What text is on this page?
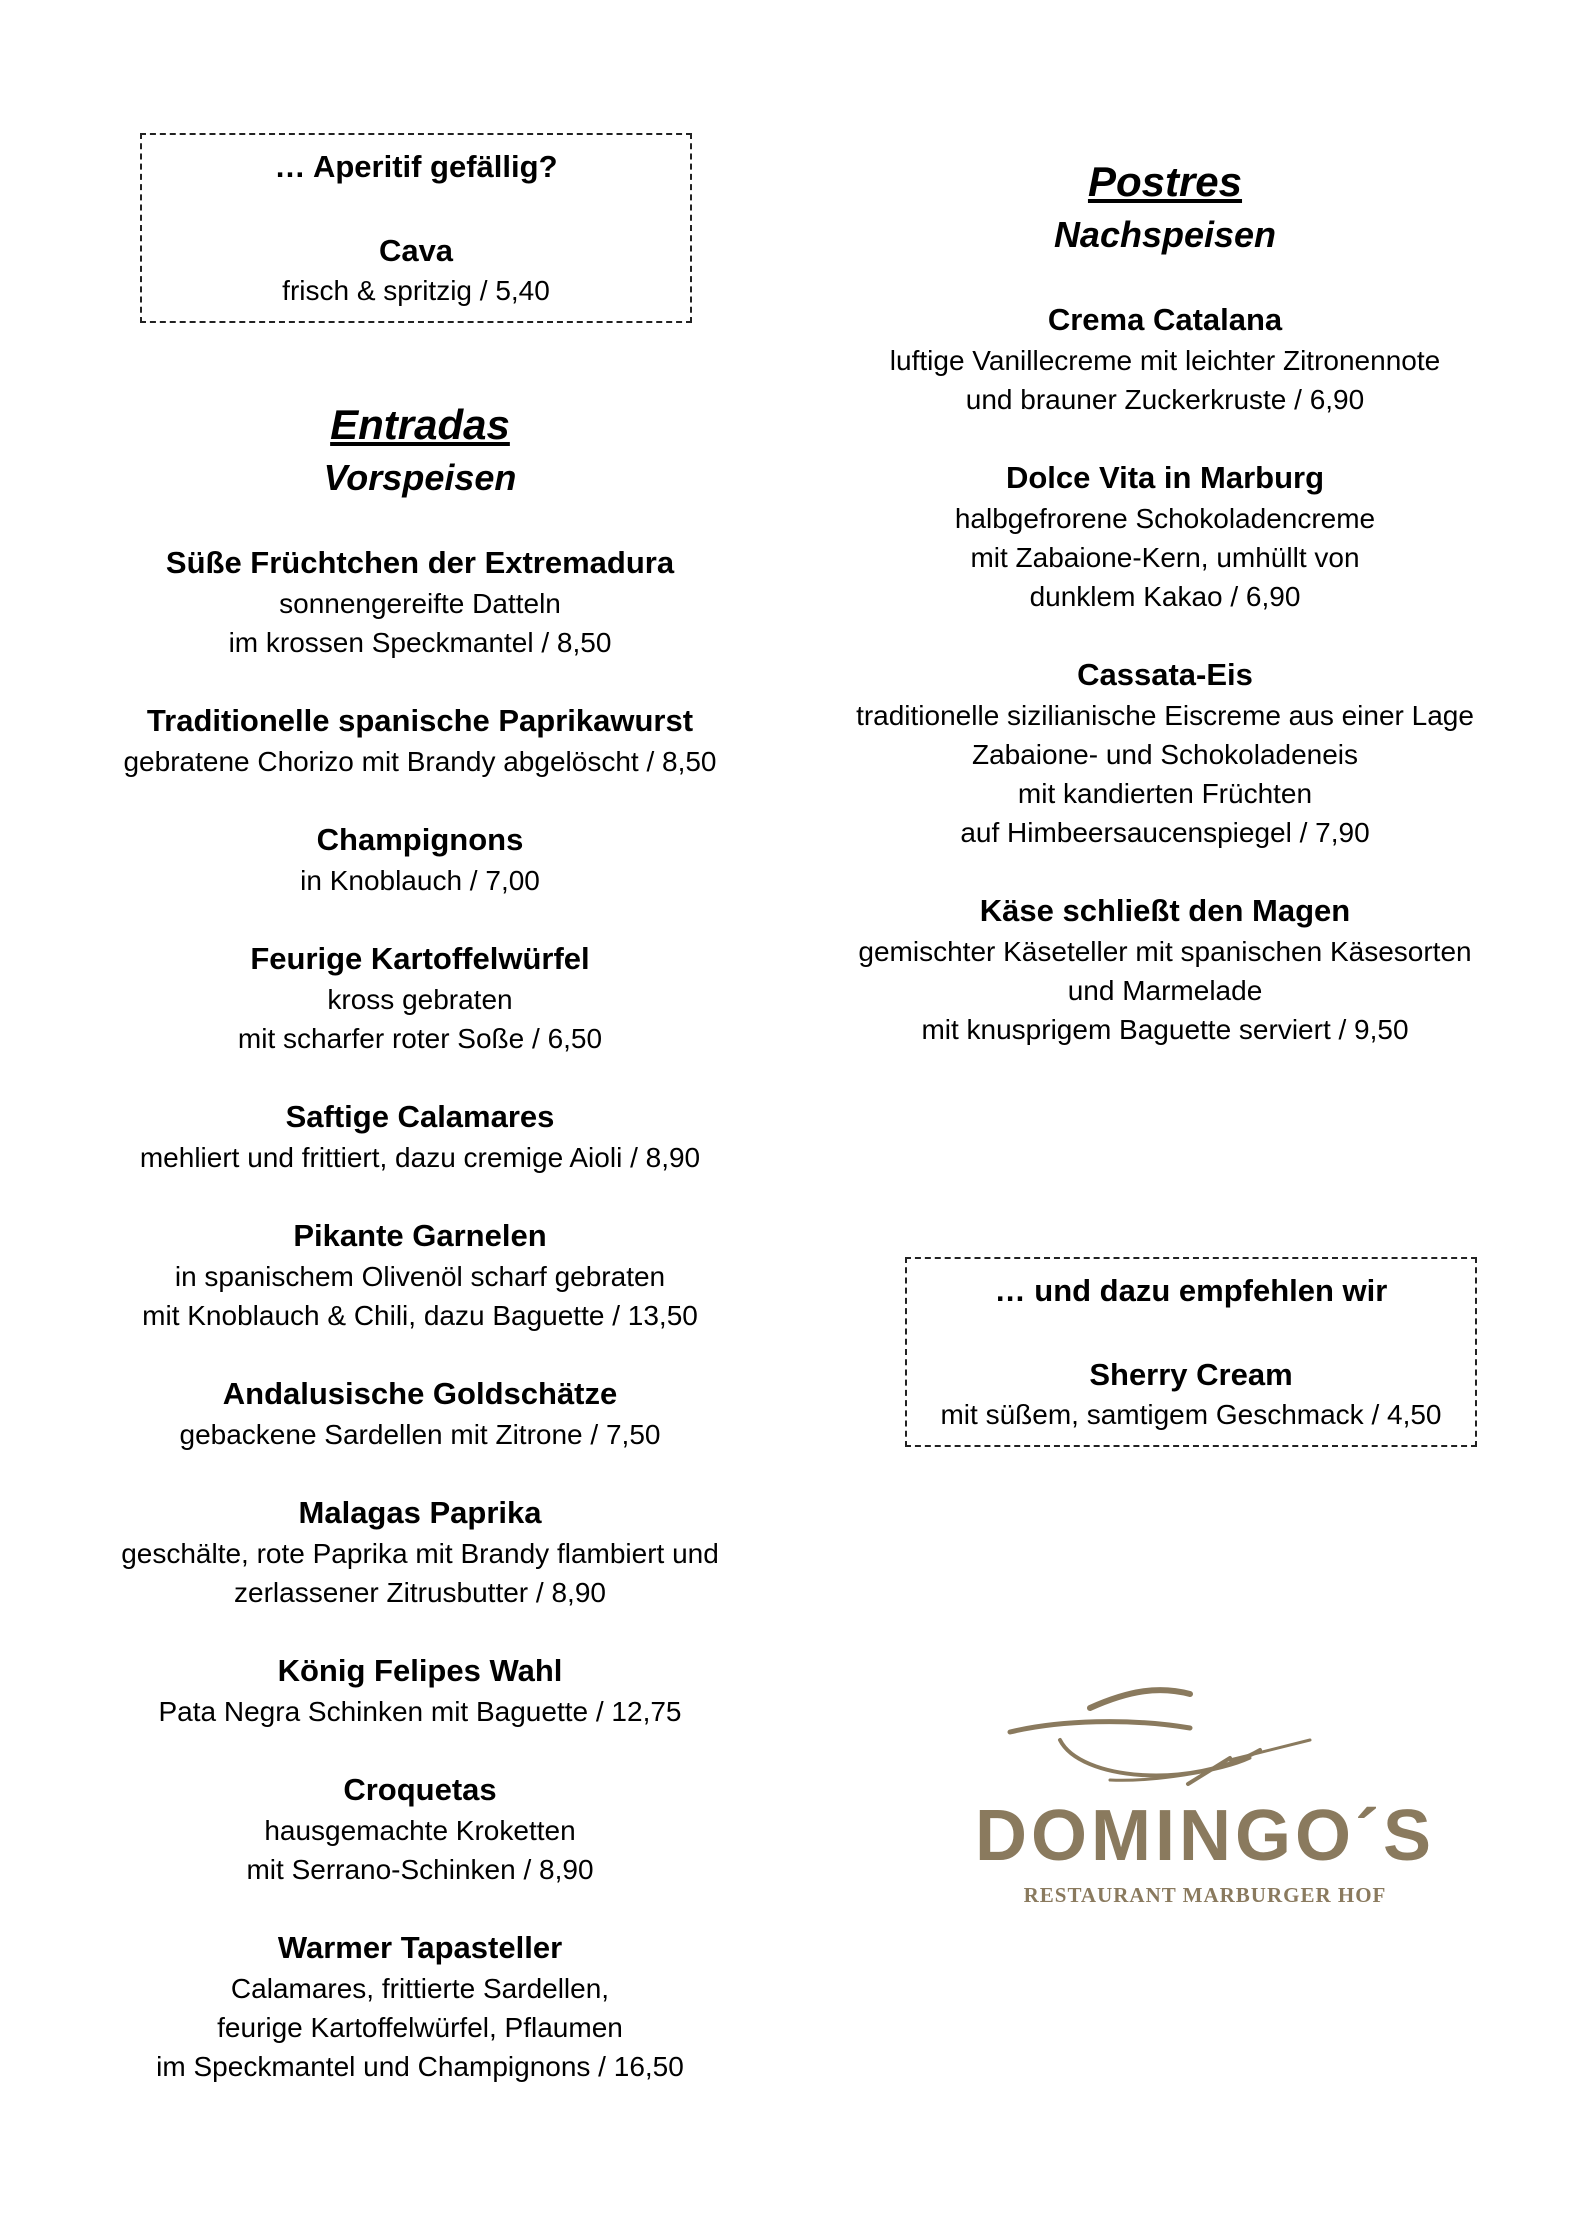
… Aperitif gefällig?
Cava
frisch & spritzig / 5,40
Entradas
Vorspeisen
Süße Früchtchen der Extremadura
sonnengereifte Datteln
im krossen Speckmantel / 8,50
Traditionelle spanische Paprikawurst
gebratene Chorizo mit Brandy abgelöscht / 8,50
Champignons
in Knoblauch / 7,00
Feurige Kartoffelwürfel
kross gebraten
mit scharfer roter Soße / 6,50
Saftige Calamares
mehliert und frittiert, dazu cremige Aioli / 8,90
Pikante Garnelen
in spanischem Olivenöl scharf gebraten
mit Knoblauch & Chili, dazu Baguette / 13,50
Andalusische Goldschätze
gebackene Sardellen mit Zitrone / 7,50
Malagas Paprika
geschälte, rote Paprika mit Brandy flambiert und
zerlassener Zitrusbutter / 8,90
König Felipes Wahl
Pata Negra Schinken mit Baguette / 12,75
Croquetas
hausgemachte Kroketten
mit Serrano-Schinken / 8,90
Warmer Tapasteller
Calamares, frittierte Sardellen,
feurige Kartoffelwürfel, Pflaumen
im Speckmantel und Champignons / 16,50
Postres
Nachspeisen
Crema Catalana
luftige Vanillecreme mit leichter Zitronennote
und brauner Zuckerkruste / 6,90
Dolce Vita in Marburg
halbgefrorene Schokoladencreme
mit Zabaione-Kern, umhüllt von
dunklem Kakao / 6,90
Cassata-Eis
traditionelle sizilianische Eiscreme aus einer Lage
Zabaione- und Schokoladeneis
mit kandierten Früchten
auf Himbeersaucenspiegel / 7,90
Käse schließt den Magen
gemischter Käseteller mit spanischen Käsesorten
und Marmelade
mit knusprigem Baguette serviert / 9,50
… und dazu empfehlen wir
Sherry Cream
mit süßem, samtigem Geschmack / 4,50
DOMINGO´S
RESTAURANT MARBURGER HOF
